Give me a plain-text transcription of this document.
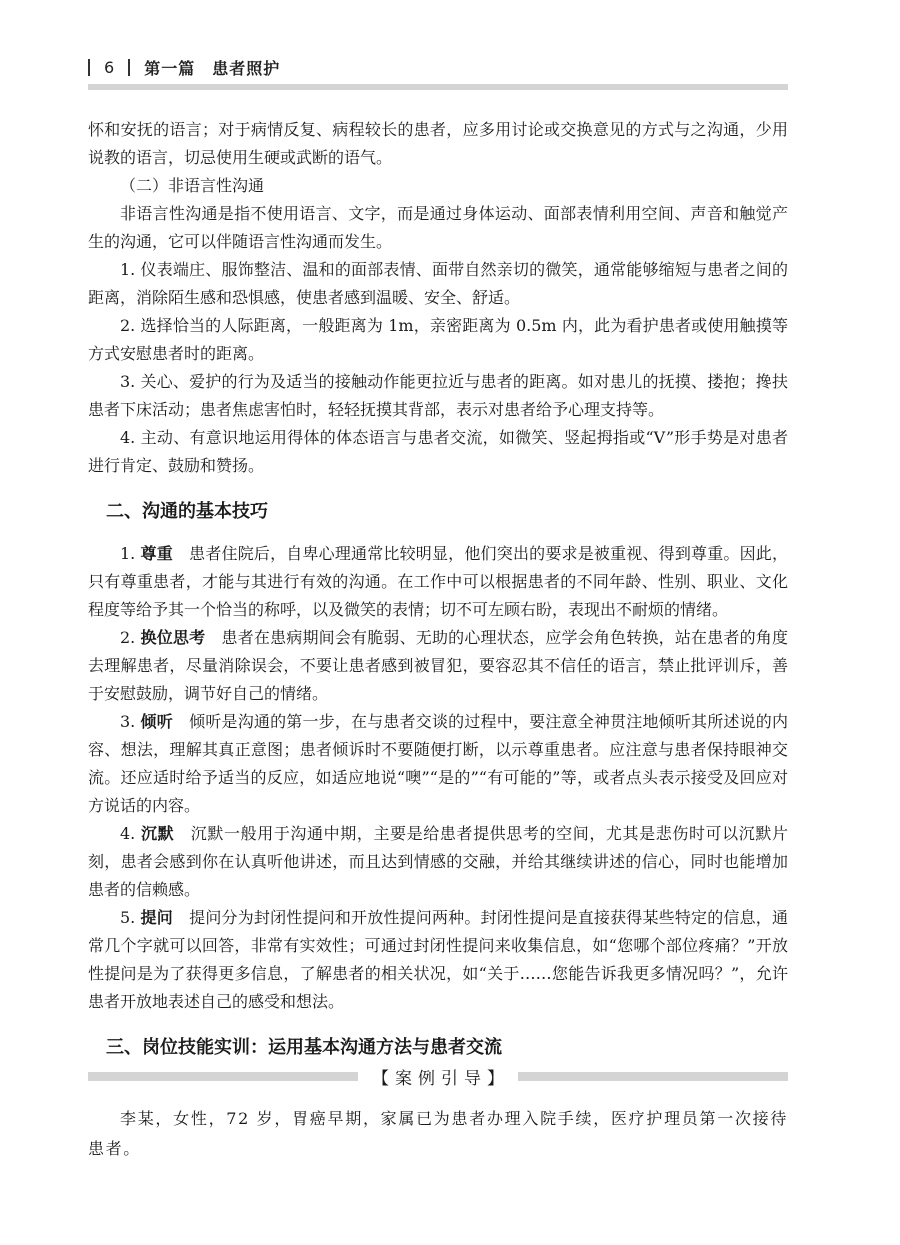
6 第一篇　患者照护

怀和安抚的语言；对于病情反复、病程较长的患者，应多用讨论或交换意见的方式与之沟通，少用说教的语言，切忌使用生硬或武断的语气。

（二）非语言性沟通

非语言性沟通是指不使用语言、文字，而是通过身体运动、面部表情利用空间、声音和触觉产生的沟通，它可以伴随语言性沟通而发生。

1. 仪表端庄、服饰整洁、温和的面部表情、面带自然亲切的微笑，通常能够缩短与患者之间的距离，消除陌生感和恐惧感，使患者感到温暖、安全、舒适。

2. 选择恰当的人际距离，一般距离为 1m，亲密距离为 0.5m 内，此为看护患者或使用触摸等方式安慰患者时的距离。

3. 关心、爱护的行为及适当的接触动作能更拉近与患者的距离。如对患儿的抚摸、搂抱；搀扶患者下床活动；患者焦虑害怕时，轻轻抚摸其背部，表示对患者给予心理支持等。

4. 主动、有意识地运用得体的体态语言与患者交流，如微笑、竖起拇指或“V”形手势是对患者进行肯定、鼓励和赞扬。

二、沟通的基本技巧

1. 尊重　 患者住院后，自卑心理通常比较明显，他们突出的要求是被重视、得到尊重。因此，只有尊重患者，才能与其进行有效的沟通。在工作中可以根据患者的不同年龄、性别、职业、文化程度等给予其一个恰当的称呼，以及微笑的表情；切不可左顾右盼，表现出不耐烦的情绪。

2. 换位思考　 患者在患病期间会有脆弱、无助的心理状态，应学会角色转换，站在患者的角度去理解患者，尽量消除误会，不要让患者感到被冒犯，要容忍其不信任的语言，禁止批评训斥，善于安慰鼓励，调节好自己的情绪。

3. 倾听　 倾听是沟通的第一步，在与患者交谈的过程中，要注意全神贯注地倾听其所述说的内容、想法，理解其真正意图；患者倾诉时不要随便打断，以示尊重患者。应注意与患者保持眼神交流。还应适时给予适当的反应，如适应地说“噢”“是的”“有可能的”等，或者点头表示接受及回应对方说话的内容。

4. 沉默　 沉默一般用于沟通中期，主要是给患者提供思考的空间，尤其是悲伤时可以沉默片刻，患者会感到你在认真听他讲述，而且达到情感的交融，并给其继续讲述的信心，同时也能增加患者的信赖感。

5. 提问　 提问分为封闭性提问和开放性提问两种。封闭性提问是直接获得某些特定的信息，通常几个字就可以回答，非常有实效性；可通过封闭性提问来收集信息，如“您哪个部位疼痛？”开放性提问是为了获得更多信息，了解患者的相关状况，如“关于……您能告诉我更多情况吗？”，允许患者开放地表述自己的感受和想法。

三、岗位技能实训：运用基本沟通方法与患者交流
【案例引导】

李某，女性，72 岁，胃癌早期，家属已为患者办理入院手续，医疗护理员第一次接待患者。
